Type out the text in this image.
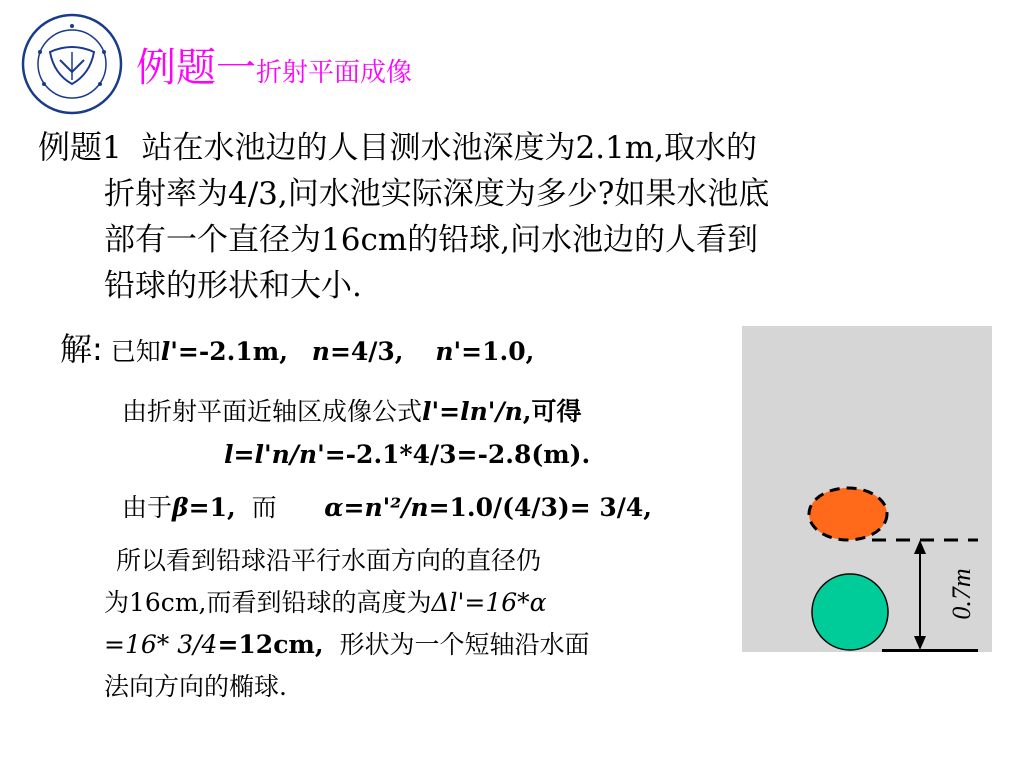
例题一折射平面成像
例题1 站在水池边的人目测水池深度为2.1m,取水的
折射率为4/3,问水池实际深度为多少?如果水池底
部有一个直径为16cm的铅球,问水池边的人看到
铅球的形状和大小.
解: 已知l'=-2.1m, n=4/3, n'=1.0,
由折射平面近轴区成像公式l'=ln'/n,可得
l=l'n/n'=-2.1*4/3=-2.8(m).
由于β=1, 而 α=n'²/n=1.0/(4/3)= 3/4,
所以看到铅球沿平行水面方向的直径仍
为16cm,而看到铅球的高度为Δl'=16*α
=16* 3/4=12cm, 形状为一个短轴沿水面
法向方向的椭球.
0.7m
